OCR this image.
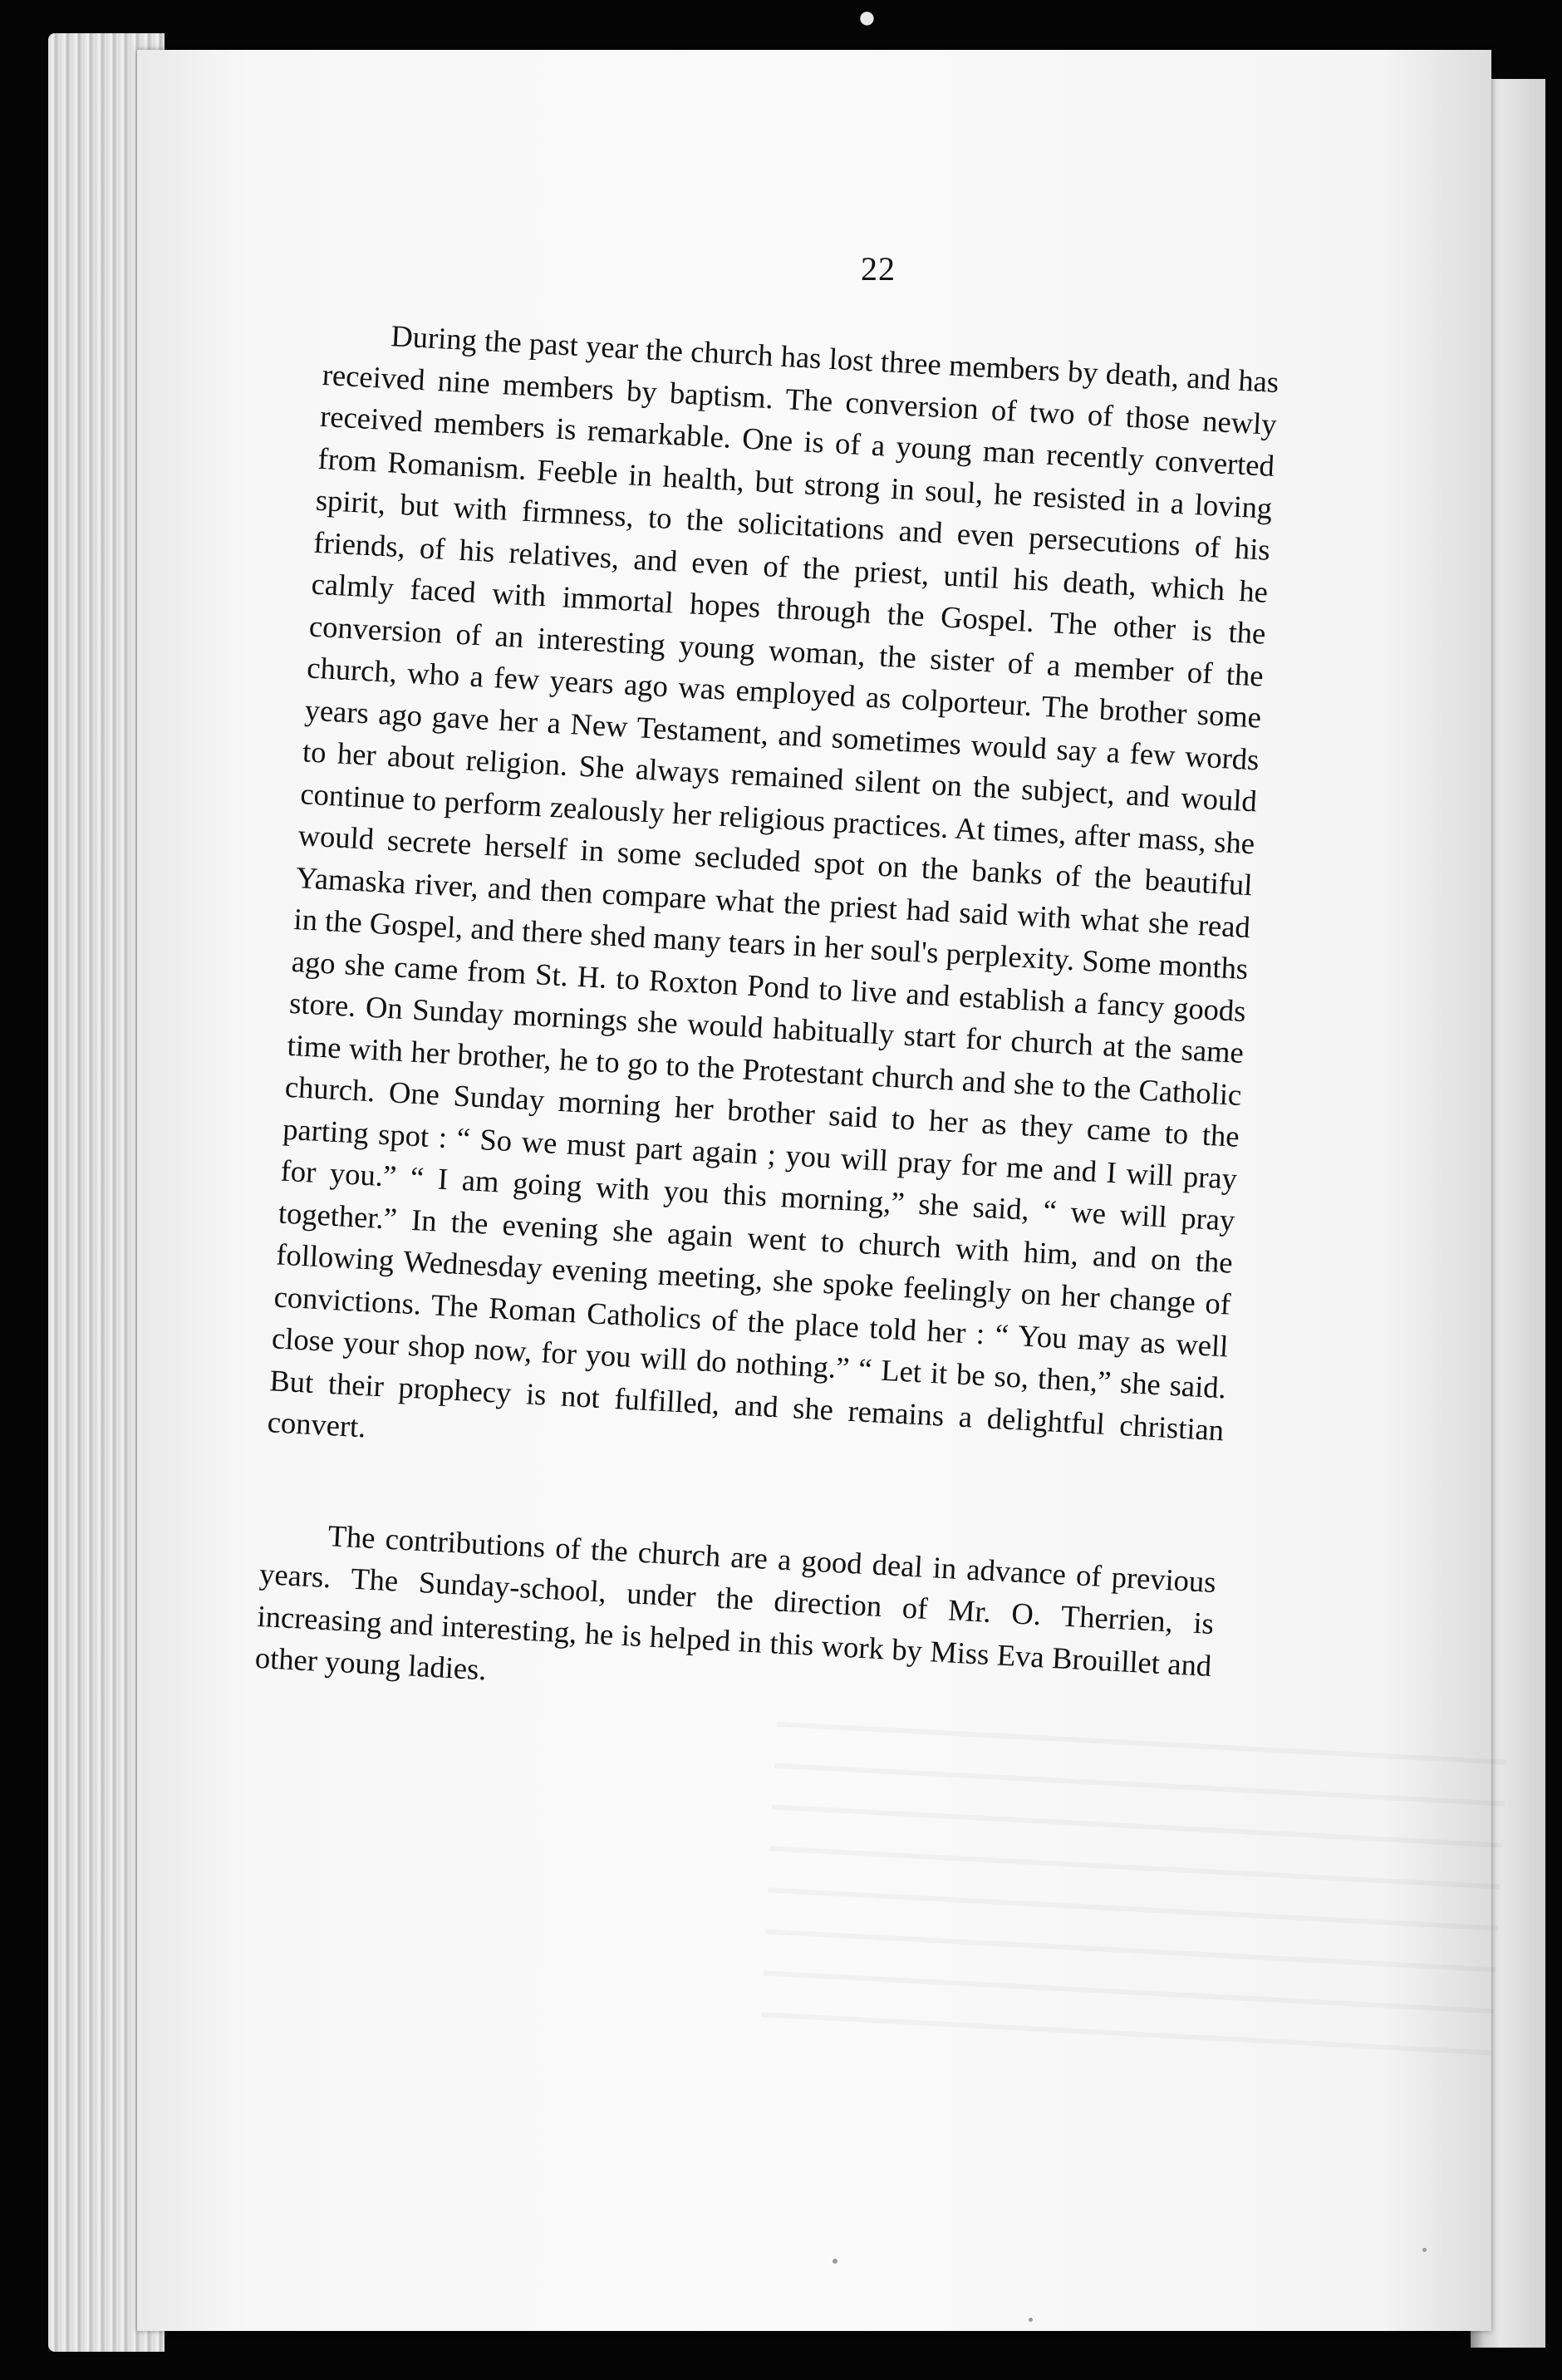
●
22

During the past year the church has lost three members by death, and has received nine members by baptism. The conversion of two of those newly received members is remarkable. One is of a young man recently converted from Romanism. Feeble in health, but strong in soul, he resisted in a loving spirit, but with firmness, to the solicitations and even persecutions of his friends, of his relatives, and even of the priest, until his death, which he calmly faced with immortal hopes through the Gospel. The other is the conversion of an interesting young woman, the sister of a member of the church, who a few years ago was employed as colporteur. The brother some years ago gave her a New Testament, and sometimes would say a few words to her about religion. She always remained silent on the subject, and would continue to perform zealously her religious practices. At times, after mass, she would secrete herself in some secluded spot on the banks of the beautiful Yamaska river, and then compare what the priest had said with what she read in the Gospel, and there shed many tears in her soul's perplexity. Some months ago she came from St. H. to Roxton Pond to live and establish a fancy goods store. On Sunday mornings she would habitually start for church at the same time with her brother, he to go to the Protestant church and she to the Catholic church. One Sunday morning her brother said to her as they came to the parting spot : “ So we must part again ; you will pray for me and I will pray for you.” “ I am going with you this morning,” she said, “ we will pray together.” In the evening she again went to church with him, and on the following Wednesday evening meeting, she spoke feelingly on her change of convictions. The Roman Catholics of the place told her : “ You may as well close your shop now, for you will do nothing.” “ Let it be so, then,” she said. But their prophecy is not fulfilled, and she remains a delightful christian convert.

The contributions of the church are a good deal in advance of previous years. The Sunday-school, under the direction of Mr. O. Therrien, is increasing and interesting, he is helped in this work by Miss Eva Brouillet and other young ladies.
